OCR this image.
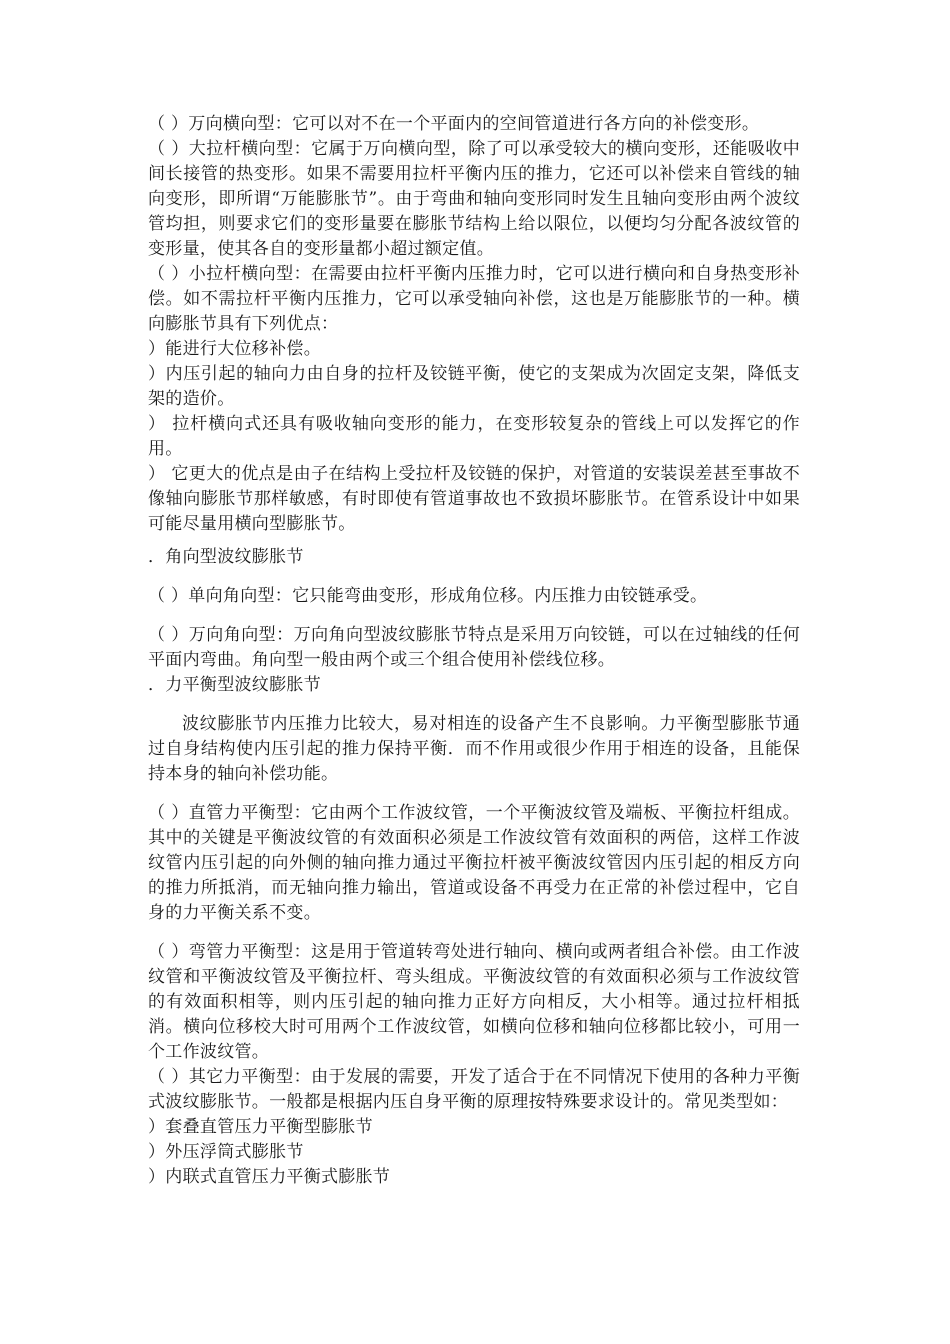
（ ）万向横向型：它可以对不在一个平面内的空间管道进行各方向的补偿变形。

（ ）大拉杆横向型：它属于万向横向型，除了可以承受较大的横向变形，还能吸收中间长接管的热变形。如果不需要用拉杆平衡内压的推力，它还可以补偿来自管线的轴向变形，即所谓“万能膨胀节”。由于弯曲和轴向变形同时发生且轴向变形由两个波纹管均担，则要求它们的变形量要在膨胀节结构上给以限位，以便均匀分配各波纹管的变形量，使其各自的变形量都小超过额定值。

（ ）小拉杆横向型：在需要由拉杆平衡内压推力时，它可以进行横向和自身热变形补偿。如不需拉杆平衡内压推力，它可以承受轴向补偿，这也是万能膨胀节的一种。横向膨胀节具有下列优点：

）能进行大位移补偿。

）内压引起的轴向力由自身的拉杆及铰链平衡，使它的支架成为次固定支架，降低支架的造价。

） 拉杆横向式还具有吸收轴向变形的能力，在变形较复杂的管线上可以发挥它的作用。

） 它更大的优点是由子在结构上受拉杆及铰链的保护，对管道的安装误差甚至事故不像轴向膨胀节那样敏感，有时即使有管道事故也不致损坏膨胀节。在管系设计中如果可能尽量用横向型膨胀节。

．角向型波纹膨胀节

（ ）单向角向型：它只能弯曲变形，形成角位移。内压推力由铰链承受。

（ ）万向角向型：万向角向型波纹膨胀节特点是采用万向铰链，可以在过轴线的任何平面内弯曲。角向型一般由两个或三个组合使用补偿线位移。

．力平衡型波纹膨胀节

波纹膨胀节内压推力比较大，易对相连的设备产生不良影响。力平衡型膨胀节通过自身结构使内压引起的推力保持平衡．而不作用或很少作用于相连的设备，且能保持本身的轴向补偿功能。

（ ）直管力平衡型：它由两个工作波纹管，一个平衡波纹管及端板、平衡拉杆组成。其中的关键是平衡波纹管的有效面积必须是工作波纹管有效面积的两倍，这样工作波纹管内压引起的向外侧的轴向推力通过平衡拉杆被平衡波纹管因内压引起的相反方向的推力所抵消，而无轴向推力输出，管道或设备不再受力在正常的补偿过程中，它自身的力平衡关系不变。

（ ）弯管力平衡型：这是用于管道转弯处进行轴向、横向或两者组合补偿。由工作波纹管和平衡波纹管及平衡拉杆、弯头组成。平衡波纹管的有效面积必须与工作波纹管的有效面积相等，则内压引起的轴向推力正好方向相反，大小相等。通过拉杆相抵消。横向位移校大时可用两个工作波纹管，如横向位移和轴向位移都比较小，可用一个工作波纹管。

（ ）其它力平衡型：由于发展的需要，开发了适合于在不同情况下使用的各种力平衡式波纹膨胀节。一般都是根据内压自身平衡的原理按特殊要求设计的。常见类型如：

）套叠直管压力平衡型膨胀节

）外压浮筒式膨胀节

）内联式直管压力平衡式膨胀节
